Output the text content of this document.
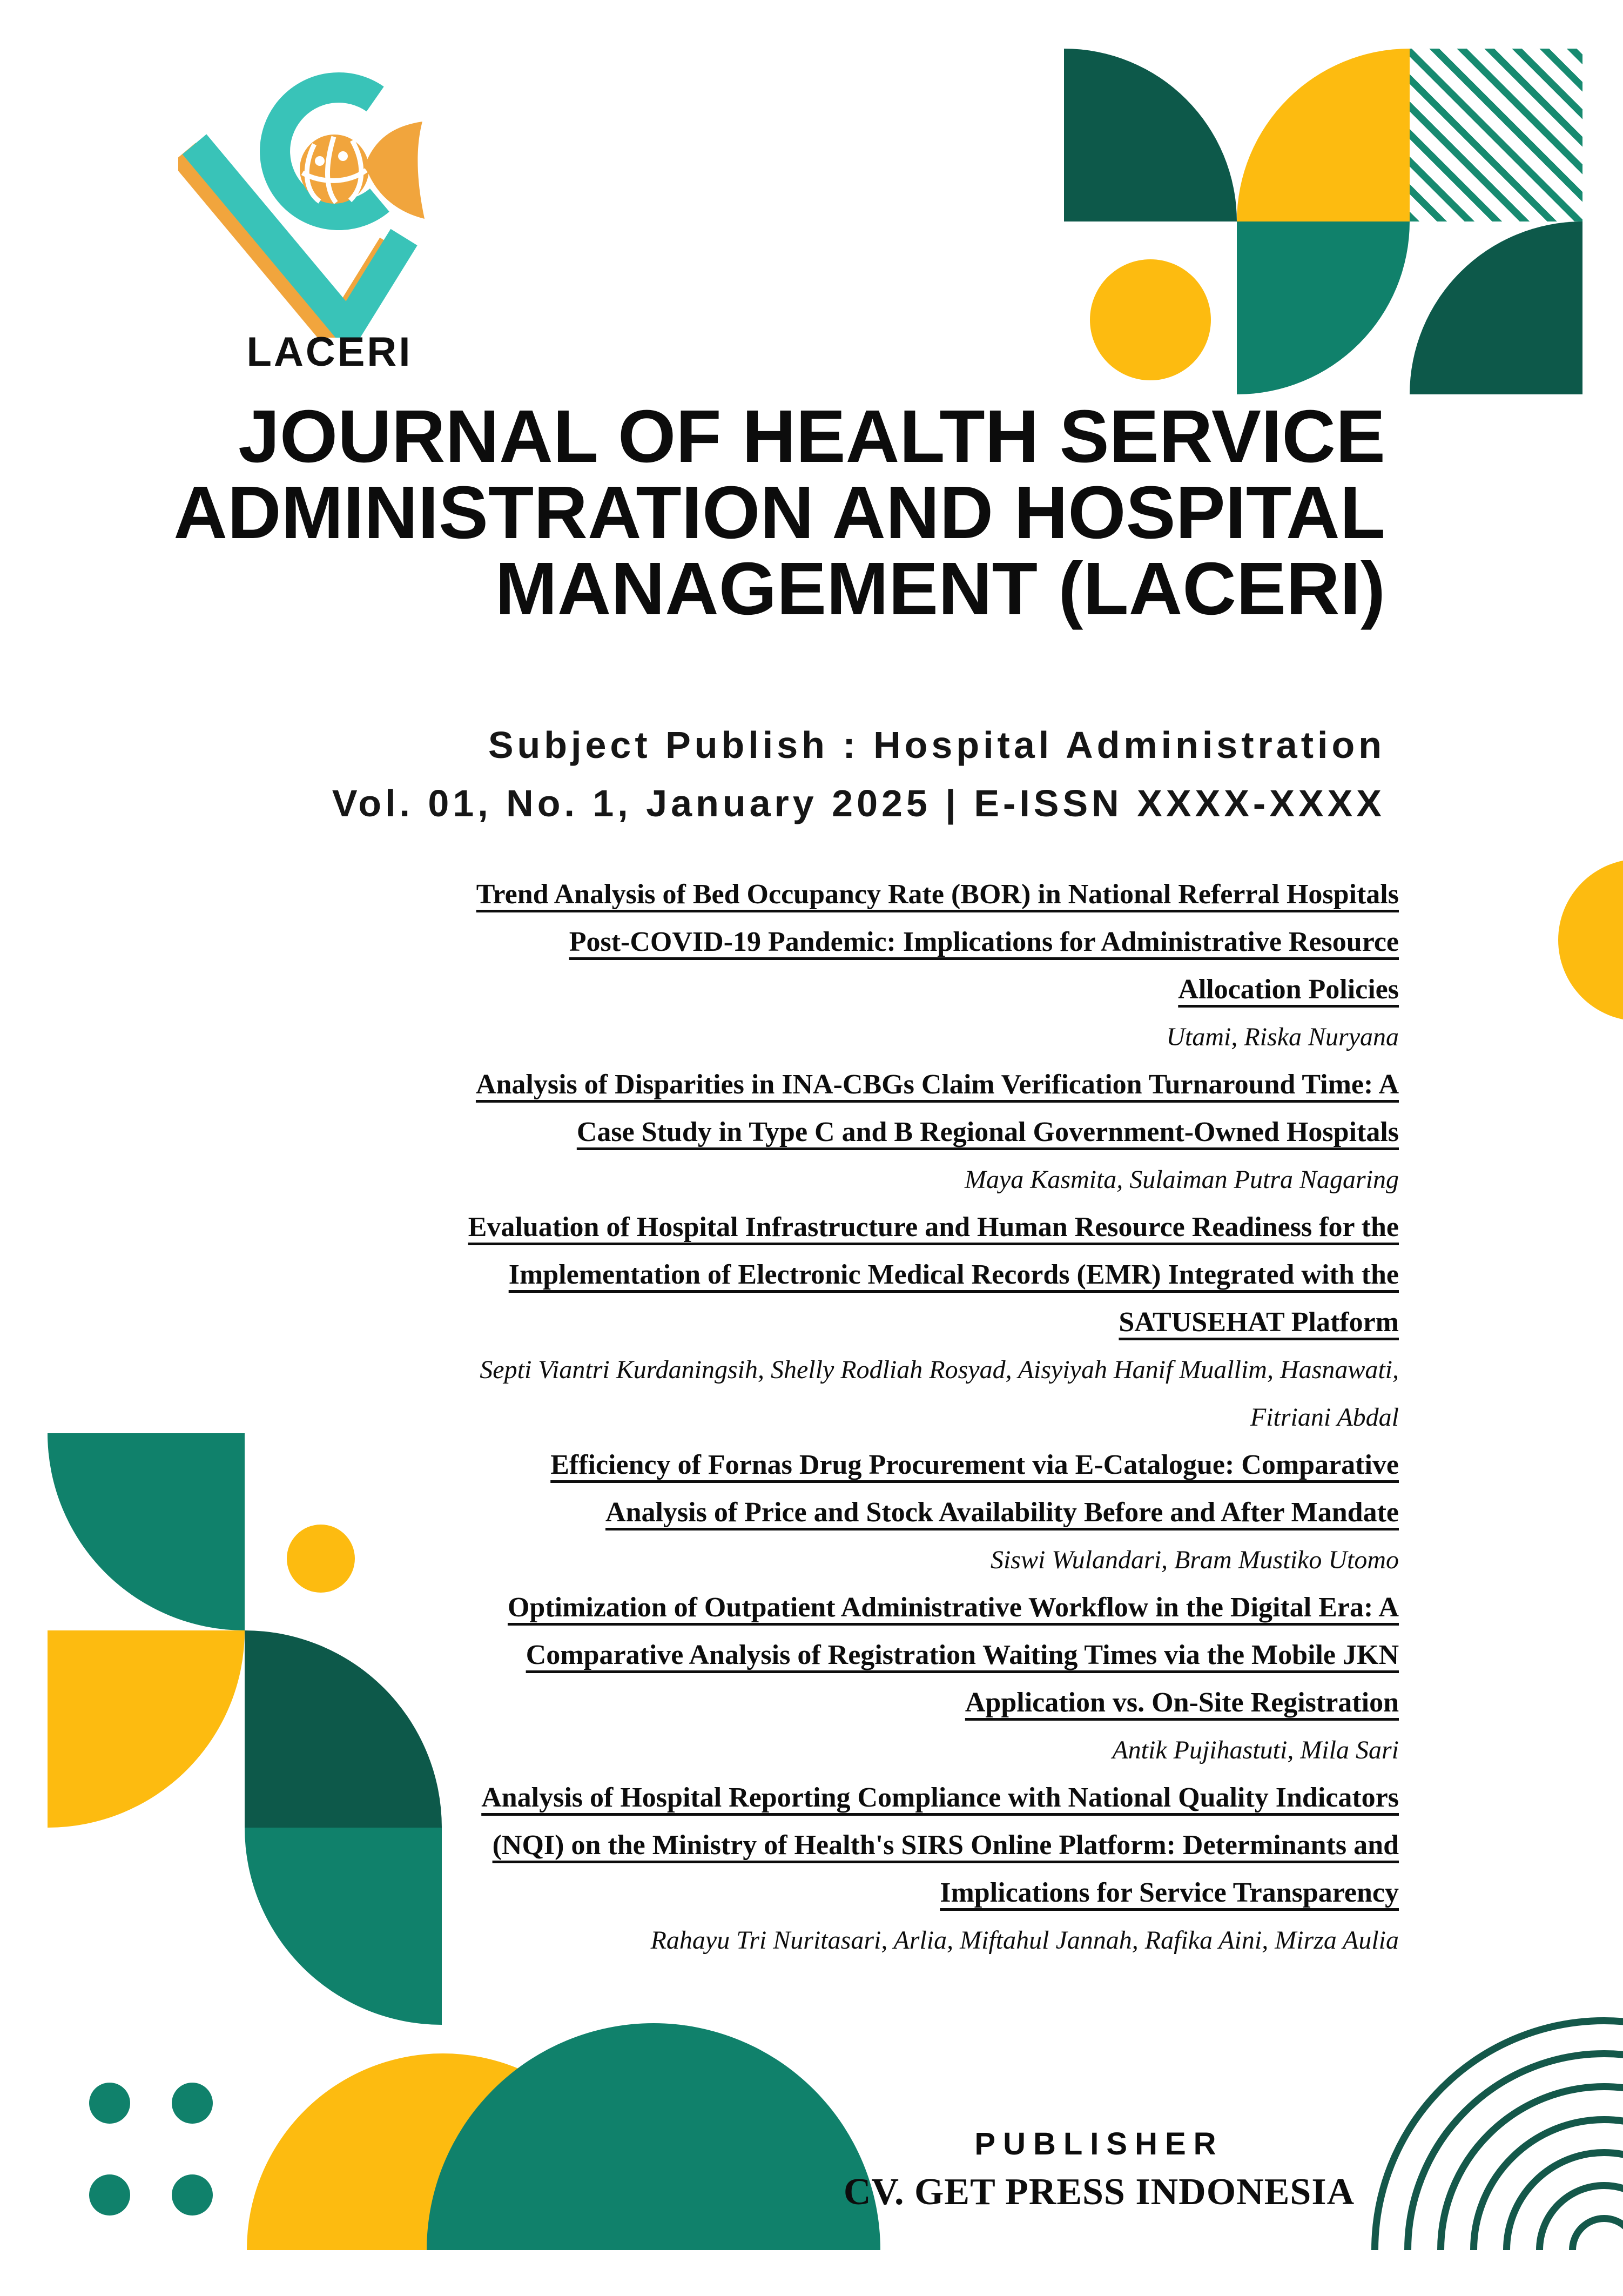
LACERI
JOURNAL OF HEALTH SERVICE
ADMINISTRATION AND HOSPITAL
MANAGEMENT (LACERI)
Subject Publish : Hospital Administration
Vol. 01, No. 1, January 2025 | E-ISSN XXXX-XXXX
Trend Analysis of Bed Occupancy Rate (BOR) in National Referral Hospitals Post-COVID-19 Pandemic: Implications for Administrative Resource Allocation Policies
Utami, Riska Nuryana
Analysis of Disparities in INA-CBGs Claim Verification Turnaround Time: A Case Study in Type C and B Regional Government-Owned Hospitals
Maya Kasmita, Sulaiman Putra Nagaring
Evaluation of Hospital Infrastructure and Human Resource Readiness for the Implementation of Electronic Medical Records (EMR) Integrated with the SATUSEHAT Platform
Septi Viantri Kurdaningsih, Shelly Rodliah Rosyad, Aisyiyah Hanif Muallim, Hasnawati, Fitriani Abdal
Efficiency of Fornas Drug Procurement via E-Catalogue: Comparative Analysis of Price and Stock Availability Before and After Mandate
Siswi Wulandari, Bram Mustiko Utomo
Optimization of Outpatient Administrative Workflow in the Digital Era: A Comparative Analysis of Registration Waiting Times via the Mobile JKN Application vs. On-Site Registration
Antik Pujihastuti, Mila Sari
Analysis of Hospital Reporting Compliance with National Quality Indicators (NQI) on the Ministry of Health's SIRS Online Platform: Determinants and Implications for Service Transparency
Rahayu Tri Nuritasari, Arlia, Miftahul Jannah, Rafika Aini, Mirza Aulia
PUBLISHER
CV. GET PRESS INDONESIA
